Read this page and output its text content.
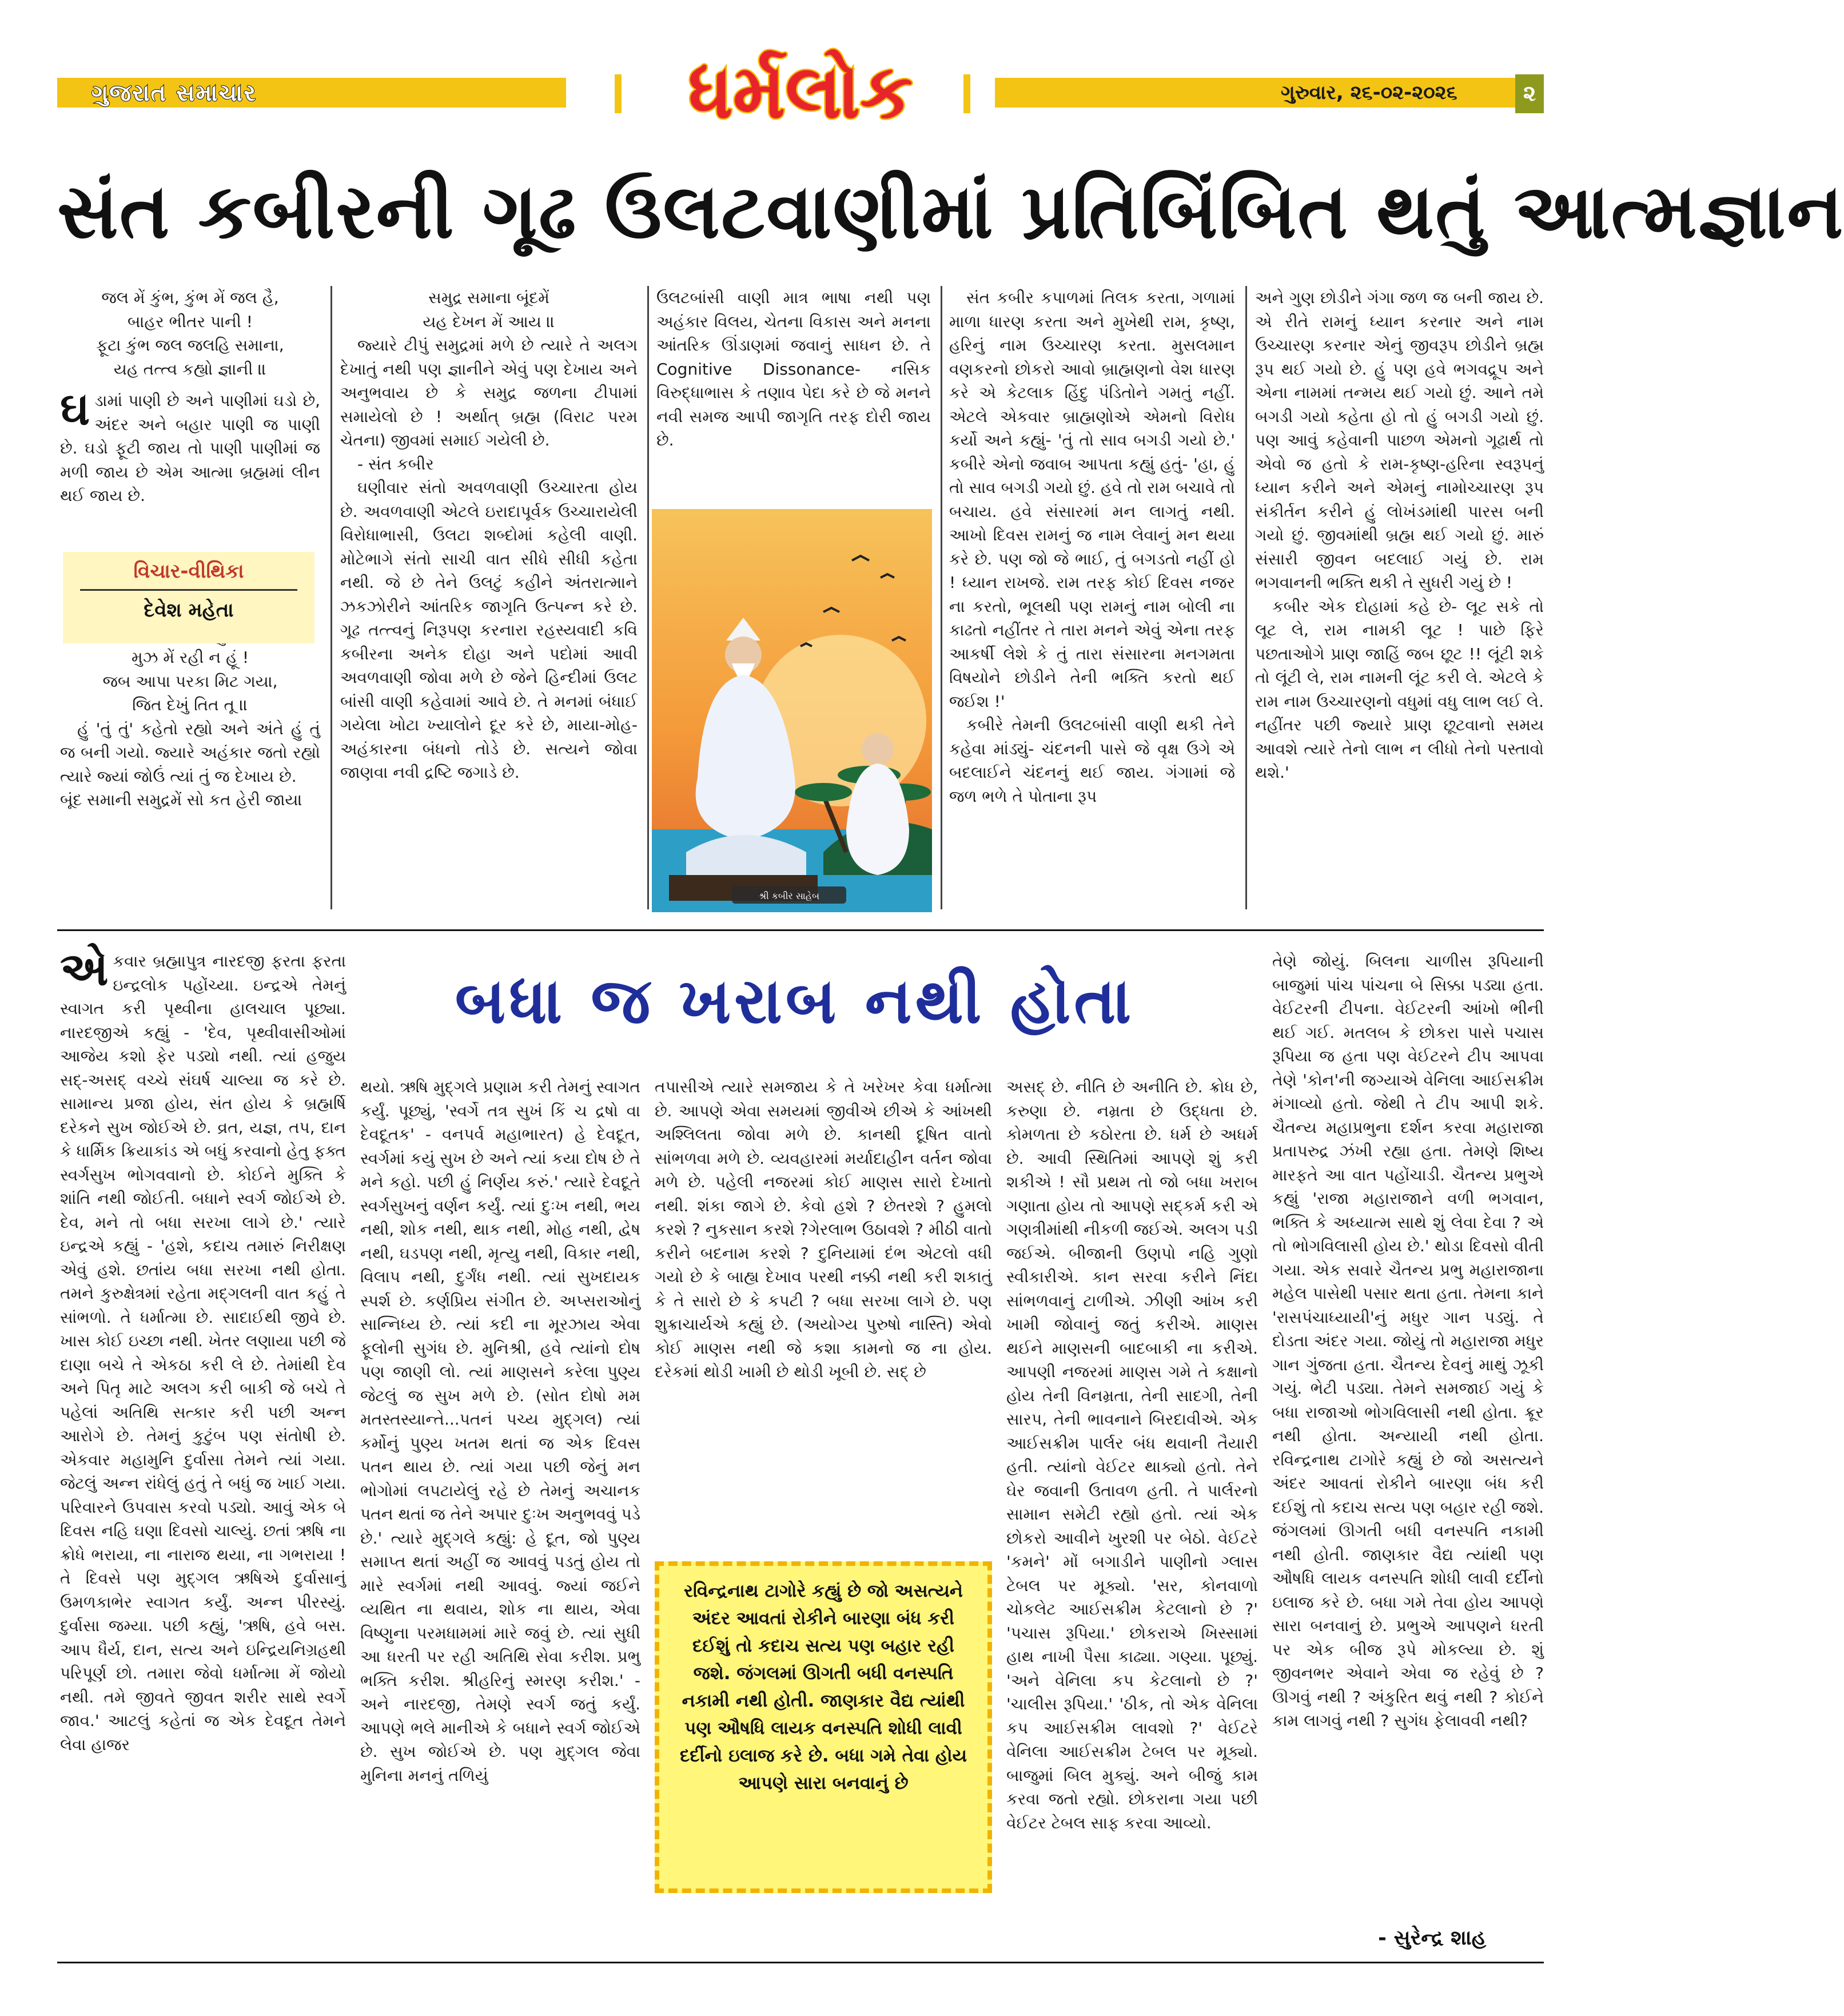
ગુજરાત સમાચાર	ગુરુવાર, ૨૬-૦૨-૨૦૨૬	૨
ધર્મલોક
સંત કબીરની ગૂઢ ઉલટવાણીમાં પ્રતિબિંબિત થતું આત્મજ્ઞાન

જલ મેં કુંભ, કુંભ મેં જલ હૈ,

બાહર ભીતર પાની !

ફૂટા કુંભ જલ જલહિ સમાના,

યહ તત્ત્વ કહ્યો જ્ઞાની ॥

ઘડામાં પાણી છે અને પાણીમાં ઘડો છે, અંદર અને બહાર પાણી જ પાણી છે. ઘડો ફૂટી જાય તો પાણી પાણીમાં જ મળી જાય છે એમ આત્મા બ્રહ્મમાં લીન થઈ જાય છે.

મુઝ મેં રહી ન હૂં !

જબ આપા પરકા મિટ ગયા,

જિત દેખું તિત તૂ ॥

હું 'તું તું' કહેતો રહ્યો અને અંતે હું તું જ બની ગયો. જ્યારે અહંકાર જતો રહ્યો ત્યારે જ્યાં જોઉં ત્યાં તું જ દેખાય છે.

બૂંદ સમાની સમુદ્રમેં સો કત હેરી જાય।

વિચાર-વીથિકા
દેવેશ મહેતા

સમુદ્ર સમાના બૂંદમેં

યહ દેખન મેં આય ॥

જ્યારે ટીપું સમુદ્રમાં મળે છે ત્યારે તે અલગ દેખાતું નથી પણ જ્ઞાનીને એવું પણ દેખાય અને અનુભવાય છે કે સમુદ્ર જળના ટીપામાં સમાયેલો છે ! અર્થાત્ બ્રહ્મ (વિરાટ પરમ ચેતના) જીવમાં સમાઈ ગયેલી છે.

- સંત કબીર

ઘણીવાર સંતો અવળવાણી ઉચ્ચારતા હોય છે. અવળવાણી એટલે ઇરાદાપૂર્વક ઉચ્ચારાયેલી વિરોધાભાસી, ઉલટા શબ્દોમાં કહેલી વાણી. મોટેભાગે સંતો સાચી વાત સીધે સીધી કહેતા નથી. જે છે તેને ઉલટું કહીને અંતરાત્માને ઝકઝોરીને આંતરિક જાગૃતિ ઉત્પન્ન કરે છે. ગૂઢ તત્ત્વનું નિરૂપણ કરનારા રહસ્યવાદી કવિ કબીરના અનેક દોહા અને પદોમાં આવી અવળવાણી જોવા મળે છે જેને હિન્દીમાં ઉલટ બાંસી વાણી કહેવામાં આવે છે. તે મનમાં બંધાઈ ગયેલા ખોટા ખ્યાલોને દૂર કરે છે, માયા-મોહ-અહંકારના બંધનો તોડે છે. સત્યને જોવા જાણવા નવી દ્રષ્ટિ જગાડે છે.

ઉલટબાંસી વાણી માત્ર ભાષા નથી પણ અહંકાર વિલય, ચેતના વિકાસ અને મનના આંતરિક ઊંડાણમાં જવાનું સાધન છે. તે Cognitive Dissonance- નસિક વિરુદ્ધાભાસ કે તણાવ પેદા કરે છે જે મનને નવી સમજ આપી જાગૃતિ તરફ દોરી જાય છે.

શ્રી કબીર સાહેબ

સંત કબીર કપાળમાં તિલક કરતા, ગળામાં માળા ધારણ કરતા અને મુખેથી રામ, કૃષ્ણ, હરિનું નામ ઉચ્ચારણ કરતા. મુસલમાન વણકરનો છોકરો આવો બ્રાહ્મણનો વેશ ધારણ કરે એ કેટલાક હિંદુ પંડિતોને ગમતું નહીં. એટલે એકવાર બ્રાહ્મણોએ એમનો વિરોધ કર્યો અને કહ્યું- 'તું તો સાવ બગડી ગયો છે.' કબીરે એનો જવાબ આપતા કહ્યું હતું- 'હા, હું તો સાવ બગડી ગયો છું. હવે તો રામ બચાવે તો બચાય. હવે સંસારમાં મન લાગતું નથી. આખો દિવસ રામનું જ નામ લેવાનું મન થયા કરે છે. પણ જો જે ભાઈ, તું બગડતો નહીં હો ! ધ્યાન રાખજે. રામ તરફ કોઈ દિવસ નજર ના કરતો, ભૂલથી પણ રામનું નામ બોલી ના કાઢતો નહીંતર તે તારા મનને એવું એના તરફ આકર્ષી લેશે કે તું તારા સંસારના મનગમતા વિષયોને છોડીને તેની ભક્તિ કરતો થઈ જઈશ !'

કબીરે તેમની ઉલટબાંસી વાણી થકી તેને કહેવા માંડ્યું- ચંદનની પાસે જે વૃક્ષ ઉગે એ બદલાઈને ચંદનનું થઈ જાય. ગંગામાં જે જળ ભળે તે પોતાના રૂપ

અને ગુણ છોડીને ગંગા જળ જ બની જાય છે. એ રીતે રામનું ધ્યાન કરનાર અને નામ ઉચ્ચારણ કરનાર એનું જીવરૂપ છોડીને બ્રહ્મ રૂપ થઈ ગયો છે. હું પણ હવે ભગવદ્રૂપ અને એના નામમાં તન્મય થઈ ગયો છું. આને તમે બગડી ગયો કહેતા હો તો હું બગડી ગયો છું. પણ આવું કહેવાની પાછળ એમનો ગૂઢાર્થ તો એવો જ હતો કે રામ-કૃષ્ણ-હરિના સ્વરૂપનું ધ્યાન કરીને અને એમનું નામોચ્ચારણ રૂપ સંકીર્તન કરીને હું લોખંડમાંથી પારસ બની ગયો છું. જીવમાંથી બ્રહ્મ થઈ ગયો છું. મારું સંસારી જીવન બદલાઈ ગયું છે. રામ ભગવાનની ભક્તિ થકી તે સુધરી ગયું છે !

કબીર એક દોહામાં કહે છે- લૂટ સકે તો લૂટ લે, રામ નામકી લૂટ ! પાછે ફિરે પછતાઓગે પ્રાણ જાહિં જબ છૂટ !! લૂંટી શકે તો લૂંટી લે, રામ નામની લૂંટ કરી લે. એટલે કે રામ નામ ઉચ્ચારણનો વધુમાં વધુ લાભ લઈ લે. નહીંતર પછી જ્યારે પ્રાણ છૂટવાનો સમય આવશે ત્યારે તેનો લાભ ન લીધો તેનો પસ્તાવો થશે.'

બધા જ ખરાબ નથી હોતા

એકવાર બ્રહ્માપુત્ર નારદજી ફરતા ફરતા ઇન્દ્રલોક પહોંચ્યા. ઇન્દ્રએ તેમનું સ્વાગત કરી પૃથ્વીના હાલચાલ પૂછ્યા. નારદજીએ કહ્યું - 'દેવ, પૃથ્વીવાસીઓમાં આજેય કશો ફેર પડ્યો નથી. ત્યાં હજુય સદ્-અસદ્ વચ્ચે સંઘર્ષ ચાલ્યા જ કરે છે. સામાન્ય પ્રજા હોય, સંત હોય કે બ્રહ્મર્ષિ દરેકને સુખ જોઈએ છે. વ્રત, યજ્ઞ, તપ, દાન કે ધાર્મિક ક્રિયાકાંડ એ બધું કરવાનો હેતુ ફક્ત સ્વર્ગસુખ ભોગવવાનો છે. કોઈને મુક્તિ કે શાંતિ નથી જોઈતી. બધાને સ્વર્ગ જોઈએ છે. દેવ, મને તો બધા સરખા લાગે છે.' ત્યારે ઇન્દ્રએ કહ્યું - 'હશે, કદાચ તમારું નિરીક્ષણ એવું હશે. છતાંય બધા સરખા નથી હોતા. તમને કુરુક્ષેત્રમાં રહેતા મદ્ગલની વાત કહું તે સાંભળો. તે ધર્માત્મા છે. સાદાઈથી જીવે છે. ખાસ કોઈ ઇચ્છા નથી. ખેતર લણાયા પછી જે દાણા બચે તે એકઠા કરી લે છે. તેમાંથી દેવ અને પિતૃ માટે અલગ કરી બાકી જે બચે તે પહેલાં અતિથિ સત્કાર કરી પછી અન્ન આરોગે છે. તેમનું કુટુંબ પણ સંતોષી છે. એકવાર મહામુનિ દુર્વાસા તેમને ત્યાં ગયા. જેટલું અન્ન રાંધેલું હતું તે બધું જ ખાઈ ગયા. પરિવારને ઉપવાસ કરવો પડ્યો. આવું એક બે દિવસ નહિ ઘણા દિવસો ચાલ્યું. છતાં ઋષિ ના ક્રોધે ભરાયા, ના નારાજ થયા, ના ગભરાયા ! તે દિવસે પણ મુદ્ગલ ઋષિએ દુર્વાસાનું ઉમળકાભેર સ્વાગત કર્યું. અન્ન પીરસ્યું. દુર્વાસા જમ્યા. પછી કહ્યું, 'ઋષિ, હવે બસ. આપ ધૈર્ય, દાન, સત્ય અને ઇન્દ્રિયનિગ્રહથી પરિપૂર્ણ છો. તમારા જેવો ધર્માત્મા મેં જોયો નથી. તમે જીવતે જીવત શરીર સાથે સ્વર્ગે જાવ.' આટલું કહેતાં જ એક દેવદૂત તેમને લેવા હાજર

થયો. ઋષિ મુદ્ગલે પ્રણામ કરી તેમનું સ્વાગત કર્યું. પૂછ્યું, 'સ્વર્ગે તત્ર સુખં કિં ચ દ્રષો વા દેવદૂતક' - વનપર્વ મહાભારત) હે દેવદૂત, સ્વર્ગમાં કયું સુખ છે અને ત્યાં કયા દોષ છે તે મને કહો. પછી હું નિર્ણય કરું.' ત્યારે દેવદૂતે સ્વર્ગસુખનું વર્ણન કર્યું. ત્યાં દુઃખ નથી, ભય નથી, શોક નથી, થાક નથી, મોહ નથી, દ્વેષ નથી, ઘડપણ નથી, મૃત્યુ નથી, વિકાર નથી, વિલાપ નથી, દુર્ગંધ નથી. ત્યાં સુખદાયક સ્પર્શ છે. કર્ણપ્રિય સંગીત છે. અપ્સરાઓનું સાન્નિધ્ય છે. ત્યાં કદી ના મૂરઝાય એવા ફૂલોની સુગંધ છે. મુનિશ્રી, હવે ત્યાંનો દોષ પણ જાણી લો. ત્યાં માણસને કરેલા પુણ્ય જેટલું જ સુખ મળે છે. (સોત દોષો મમ મતસ્તસ્યાન્તે...પતનં પચ્ય મુદ્ગલ) ત્યાં કર્મોનું પુણ્ય ખતમ થતાં જ એક દિવસ પતન થાય છે. ત્યાં ગયા પછી જેનું મન ભોગોમાં લપટાયેલું રહે છે તેમનું અચાનક પતન થતાં જ તેને અપાર દુઃખ અનુભવવું પડે છે.' ત્યારે મુદ્ગલે કહ્યું: હે દૂત, જો પુણ્ય સમાપ્ત થતાં અહીં જ આવવું પડતું હોય તો મારે સ્વર્ગમાં નથી આવવું. જ્યાં જઈને વ્યથિત ના થવાય, શોક ના થાય, એવા વિષ્ણુના પરમધામમાં મારે જવું છે. ત્યાં સુધી આ ધરતી પર રહી અતિથિ સેવા કરીશ. પ્રભુ ભક્તિ કરીશ. શ્રીહરિનું સ્મરણ કરીશ.' - અને નારદજી, તેમણે સ્વર્ગ જતું કર્યું. આપણે ભલે માનીએ કે બધાને સ્વર્ગ જોઈએ છે. સુખ જોઈએ છે. પણ મુદ્ગલ જેવા મુનિના મનનું તળિયું

તપાસીએ ત્યારે સમજાય કે તે ખરેખર કેવા ધર્માત્મા છે. આપણે એવા સમયમાં જીવીએ છીએ કે આંખથી અશ્લિલતા જોવા મળે છે. કાનથી દૂષિત વાતો સાંભળવા મળે છે. વ્યવહારમાં મર્યાદાહીન વર્તન જોવા મળે છે. પહેલી નજરમાં કોઈ માણસ સારો દેખાતો નથી. શંકા જાગે છે. કેવો હશે ? છેતરશે ? હુમલો કરશે ? નુકસાન કરશે ?ગેરલાભ ઉઠાવશે ? મીઠી વાતો કરીને બદનામ કરશે ? દુનિયામાં દંભ એટલો વધી ગયો છે કે બાહ્ય દેખાવ પરથી નક્કી નથી કરી શકાતું કે તે સારો છે કે કપટી ? બધા સરખા લાગે છે. પણ શુક્રાચાર્યએ કહ્યું છે. (અયોગ્ય પુરુષો નાસ્તિ) એવો કોઈ માણસ નથી જે કશા કામનો જ ના હોય. દરેકમાં થોડી ખામી છે થોડી ખૂબી છે. સદ્ છે

રવિન્દ્રનાથ ટાગોરે કહ્યું છે જો અસત્યને અંદર આવતાં રોકીને બારણા બંધ કરી દઈશું તો કદાચ સત્ય પણ બહાર રહી જશે. જંગલમાં ઊગતી બધી વનસ્પતિ નકામી નથી હોતી. જાણકાર વૈદ્ય ત્યાંથી પણ ઔષધિ લાયક વનસ્પતિ શોધી લાવી દર્દીનો ઇલાજ કરે છે. બધા ગમે તેવા હોય આપણે સારા બનવાનું છે

અસદ્ છે. નીતિ છે અનીતિ છે. ક્રોધ છે, કરુણા છે. નમ્રતા છે ઉદ્ધતા છે. કોમળતા છે કઠોરતા છે. ધર્મ છે અધર્મ છે. આવી સ્થિતિમાં આપણે શું કરી શકીએ ! સૌ પ્રથમ તો જો બધા ખરાબ ગણાતા હોય તો આપણે સદ્કર્મ કરી એ ગણત્રીમાંથી નીકળી જઈએ. અલગ પડી જઈએ. બીજાની ઉણપો નહિ ગુણો સ્વીકારીએ. કાન સરવા કરીને નિંદા સાંભળવાનું ટાળીએ. ઝીણી આંખ કરી ખામી જોવાનું જતું કરીએ. માણસ થઈને માણસની બાદબાકી ના કરીએ. આપણી નજરમાં માણસ ગમે તે કક્ષાનો હોય તેની વિનમ્રતા, તેની સાદગી, તેની સારપ, તેની ભાવનાને બિરદાવીએ. એક આઈસક્રીમ પાર્લર બંધ થવાની તૈયારી હતી. ત્યાંનો વેઈટર થાક્યો હતો. તેને ઘેર જવાની ઉતાવળ હતી. તે પાર્લરનો સામાન સમેટી રહ્યો હતો. ત્યાં એક છોકરો આવીને ખુરશી પર બેઠો. વેઈટરે 'કમને' મોં બગાડીને પાણીનો ગ્લાસ ટેબલ પર મૂક્યો. 'સર, કોનવાળો ચોકલેટ આઈસક્રીમ કેટલાનો છે ?' 'પચાસ રૂપિયા.' છોકરાએ ખિસ્સામાં હાથ નાખી પૈસા કાઢ્યા. ગણ્યા. પૂછ્યું. 'અને વેનિલા કપ કેટલાનો છે ?' 'ચાલીસ રૂપિયા.' 'ઠીક, તો એક વેનિલા કપ આઈસક્રીમ લાવશો ?' વેઈટરે વેનિલા આઈસક્રીમ ટેબલ પર મૂક્યો. બાજુમાં બિલ મુક્યું. અને બીજું કામ કરવા જતો રહ્યો. છોકરાના ગયા પછી વેઈટર ટેબલ સાફ કરવા આવ્યો.

તેણે જોયું. બિલના ચાળીસ રૂપિયાની બાજુમાં પાંચ પાંચના બે સિક્કા પડ્યા હતા. વેઈટરની ટીપના. વેઈટરની આંખો ભીની થઈ ગઈ. મતલબ કે છોકરા પાસે પચાસ રૂપિયા જ હતા પણ વેઈટરને ટીપ આપવા તેણે 'કોન'ની જગ્યાએ વેનિલા આઈસક્રીમ મંગાવ્યો હતો. જેથી તે ટીપ આપી શકે. ચૈતન્ય મહાપ્રભુના દર્શન કરવા મહારાજા પ્રતાપરુદ્ર ઝંખી રહ્યા હતા. તેમણે શિષ્ય મારફતે આ વાત પહોંચાડી. ચૈતન્ય પ્રભુએ કહ્યું 'રાજા મહારાજાને વળી ભગવાન, ભક્તિ કે અધ્યાત્મ સાથે શું લેવા દેવા ? એ તો ભોગવિલાસી હોય છે.' થોડા દિવસો વીતી ગયા. એક સવારે ચૈતન્ય પ્રભુ મહારાજાના મહેલ પાસેથી પસાર થતા હતા. તેમના કાને 'રાસપંચાધ્યાયી'નું મધુર ગાન પડ્યું. તે દોડતા અંદર ગયા. જોયું તો મહારાજા મધુર ગાન ગુંજતા હતા. ચૈતન્ય દેવનું માથું ઝૂકી ગયું. ભેટી પડ્યા. તેમને સમજાઈ ગયું કે બધા રાજાઓ ભોગવિલાસી નથી હોતા. ક્રૂર નથી હોતા. અન્યાયી નથી હોતા. રવિન્દ્રનાથ ટાગોરે કહ્યું છે જો અસત્યને અંદર આવતાં રોકીને બારણા બંધ કરી દઈશું તો કદાચ સત્ય પણ બહાર રહી જશે. જંગલમાં ઊગતી બધી વનસ્પતિ નકામી નથી હોતી. જાણકાર વૈદ્ય ત્યાંથી પણ ઔષધિ લાયક વનસ્પતિ શોધી લાવી દર્દીનો ઇલાજ કરે છે. બધા ગમે તેવા હોય આપણે સારા બનવાનું છે. પ્રભુએ આપણને ધરતી પર એક બીજ રૂપે મોકલ્યા છે. શું જીવનભર એવાને એવા જ રહેવું છે ? ઊગવું નથી ? અંકુરિત થવું નથી ? કોઈને કામ લાગવું નથી ? સુગંધ ફેલાવવી નથી?

- સુરેન્દ્ર શાહ
